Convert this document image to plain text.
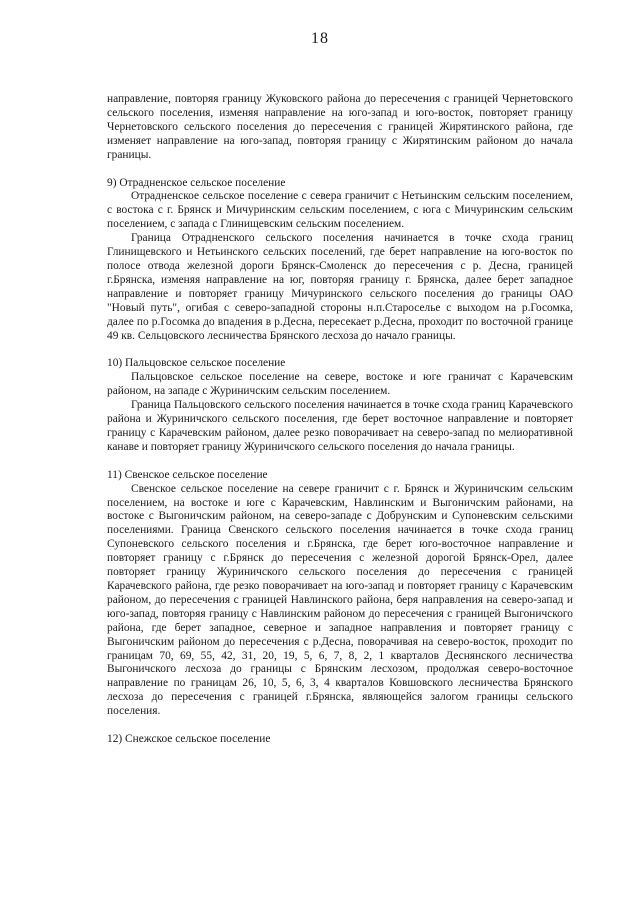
18

направление, повторяя границу Жуковского района до пересечения с границей Чернетовского сельского поселения, изменяя направление на юго-запад и юго-восток, повторяет границу Чернетовского сельского поселения до пересечения с границей Жирятинского района, где изменяет направление на юго-запад, повторяя границу с Жирятинским районом до начала границы.

9) Отрадненское сельское поселение

Отрадненское сельское поселение с севера граничит с Нетьинским сельским поселением, с востока с г. Брянск и Мичуринским сельским поселением, с юга с Мичуринским сельским поселением, с запада с Глинищевским сельским поселением.

Граница Отрадненского сельского поселения начинается в точке схода границ Глинищевского и Нетьинского сельских поселений, где берет направление на юго-восток по полосе отвода железной дороги Брянск-Смоленск до пересечения с р. Десна, границей г.Брянска, изменяя направление на юг, повторяя границу г. Брянска, далее берет западное направление и повторяет границу Мичуринского сельского поселения до границы ОАО "Новый путь", огибая с северо-западной стороны н.п.Староселье с выходом на р.Госомка, далее по р.Госомка до впадения в р.Десна, пересекает р.Десна, проходит по восточной границе 49 кв. Сельцовского лесничества Брянского лесхоза до начало границы.

10) Пальцовское сельское поселение

Пальцовское сельское поселение на севере, востоке и юге граничат с Карачевским районом, на западе с Журиничским сельским поселением.

Граница Пальцовского сельского поселения начинается в точке схода границ Карачевского района и Журиничского сельского поселения, где берет восточное направление и повторяет границу с Карачевским районом, далее резко поворачивает на северо-запад по мелиоративной канаве и повторяет границу Журиничского сельского поселения до начала границы.

11) Свенское сельское поселение

Свенское сельское поселение на севере граничит с г. Брянск и Журиничским сельским поселением, на востоке и юге с Карачевским, Навлинским и Выгоничским районами, на востоке с Выгоничским районом, на северо-западе с Добрунским и Супоневским сельскими поселениями. Граница Свенского сельского поселения начинается в точке схода границ Супоневского сельского поселения и г.Брянска, где берет юго-восточное направление и повторяет границу с г.Брянск до пересечения с железной дорогой Брянск-Орел, далее повторяет границу Журиничского сельского поселения до пересечения с границей Карачевского района, где резко поворачивает на юго-запад и повторяет границу с Карачевским районом, до пересечения с границей Навлинского района, беря направления на северо-запад и юго-запад, повторяя границу с Навлинским районом до пересечения с границей Выгоничского района, где берет западное, северное и западное направления и повторяет границу с Выгоничским районом до пересечения с р.Десна, поворачивая на северо-восток, проходит по границам 70, 69, 55, 42, 31, 20, 19, 5, 6, 7, 8, 2, 1 кварталов Деснянского лесничества Выгоничского лесхоза до границы с Брянским лесхозом, продолжая северо-восточное направление по границам 26, 10, 5, 6, 3, 4 кварталов Ковшовского лесничества Брянского лесхоза до пересечения с границей г.Брянска, являющейся залогом границы сельского поселения.

12) Снежское сельское поселение
